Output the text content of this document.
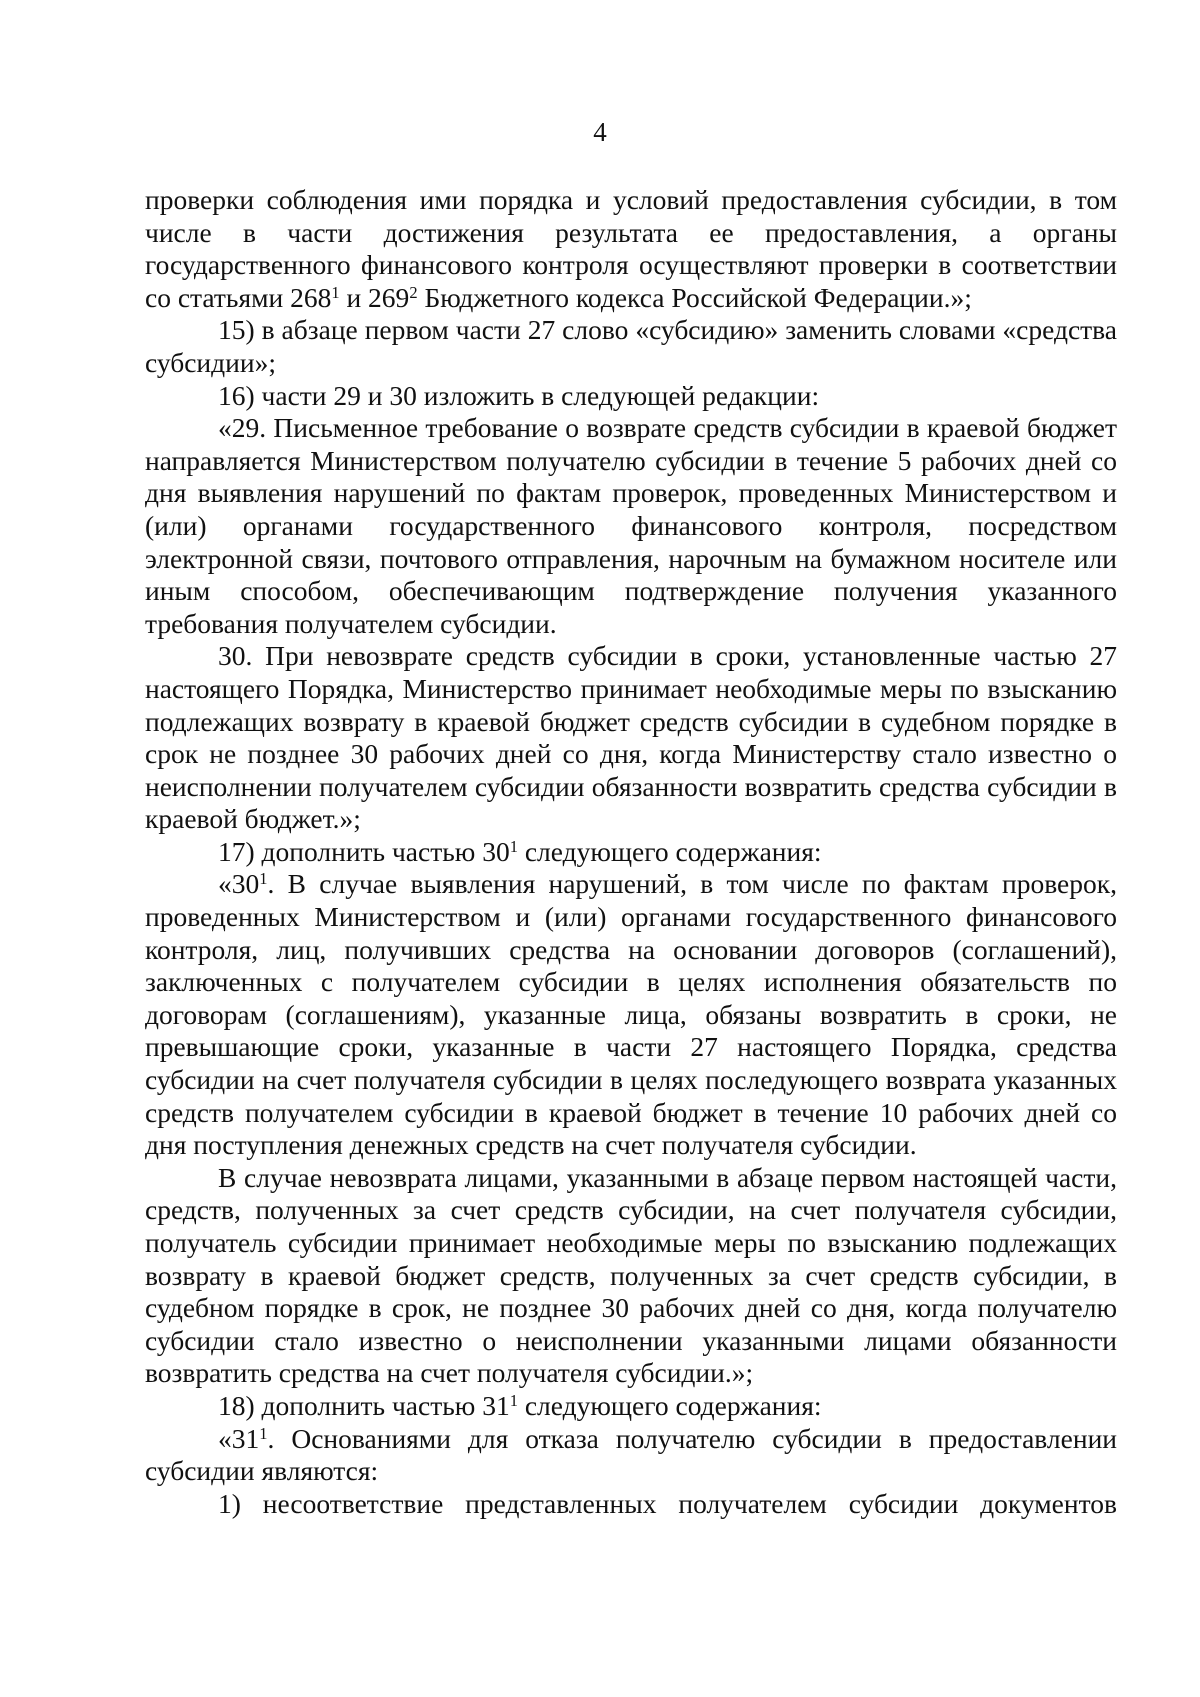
4

проверки соблюдения ими порядка и условий предоставления субсидии, в том числе в части достижения результата ее предоставления, а органы государственного финансового контроля осуществляют проверки в соответствии со статьями $268^1$ и $269^2$ Бюджетного кодекса Российской Федерации.»;

15) в абзаце первом части 27 слово «субсидию» заменить словами «средства субсидии»;

16) части 29 и 30 изложить в следующей редакции:

«29. Письменное требование о возврате средств субсидии в краевой бюджет направляется Министерством получателю субсидии в течение 5 рабочих дней со дня выявления нарушений по фактам проверок, проведенных Министерством и (или) органами государственного финансового контроля, посредством электронной связи, почтового отправления, нарочным на бумажном носителе или иным способом, обеспечивающим подтверждение получения указанного требования получателем субсидии.

30. При невозврате средств субсидии в сроки, установленные частью 27 настоящего Порядка, Министерство принимает необходимые меры по взысканию подлежащих возврату в краевой бюджет средств субсидии в судебном порядке в срок не позднее 30 рабочих дней со дня, когда Министерству стало известно о неисполнении получателем субсидии обязанности возвратить средства субсидии в краевой бюджет.»;

17) дополнить частью $30^1$ следующего содержания:

«$30^1$. В случае выявления нарушений, в том числе по фактам проверок, проведенных Министерством и (или) органами государственного финансового контроля, лиц, получивших средства на основании договоров (соглашений), заключенных с получателем субсидии в целях исполнения обязательств по договорам (соглашениям), указанные лица, обязаны возвратить в сроки, не превышающие сроки, указанные в части 27 настоящего Порядка, средства субсидии на счет получателя субсидии в целях последующего возврата указанных средств получателем субсидии в краевой бюджет в течение 10 рабочих дней со дня поступления денежных средств на счет получателя субсидии.

В случае невозврата лицами, указанными в абзаце первом настоящей части, средств, полученных за счет средств субсидии, на счет получателя субсидии, получатель субсидии принимает необходимые меры по взысканию подлежащих возврату в краевой бюджет средств, полученных за счет средств субсидии, в судебном порядке в срок, не позднее 30 рабочих дней со дня, когда получателю субсидии стало известно о неисполнении указанными лицами обязанности возвратить средства на счет получателя субсидии.»;

18) дополнить частью $31^1$ следующего содержания:

«$31^1$. Основаниями для отказа получателю субсидии в предоставлении субсидии являются:

1) несоответствие представленных получателем субсидии документов
